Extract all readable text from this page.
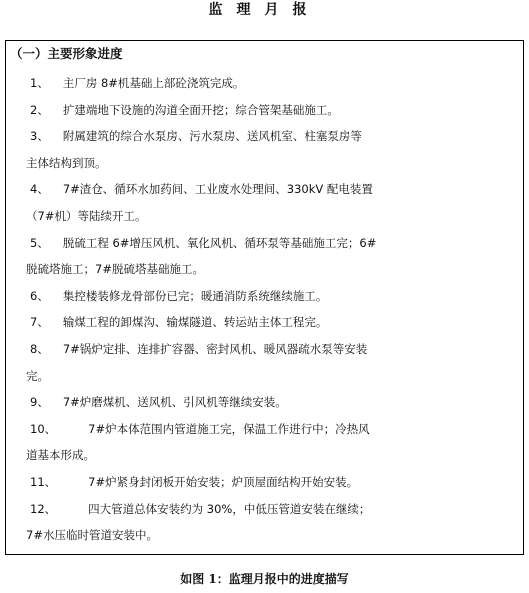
监理月报
（一）主要形象进度
1、 主厂房 8#机基础上部砼浇筑完成。
2、 扩建端地下设施的沟道全面开挖；综合管架基础施工。
3、 附属建筑的综合水泵房、污水泵房、送风机室、柱塞泵房等
主体结构到顶。
4、 7#渣仓、循环水加药间、工业废水处理间、330kV 配电装置
（7#机）等陆续开工。
5、 脱硫工程 6#增压风机、氧化风机、循环泵等基础施工完；6#
脱硫塔施工；7#脱硫塔基础施工。
6、 集控楼装修龙骨部份已完；暖通消防系统继续施工。
7、 输煤工程的卸煤沟、输煤隧道、转运站主体工程完。
8、 7#锅炉定排、连排扩容器、密封风机、暖风器疏水泵等安装
完。
9、 7#炉磨煤机、送风机、引风机等继续安装。
10、	7#炉本体范围内管道施工完，保温工作进行中；冷热风
道基本形成。
11、	7#炉紧身封闭板开始安装；炉顶屋面结构开始安装。
12、	四大管道总体安装约为 30%，中低压管道安装在继续；
7#水压临时管道安装中。
如图 1：监理月报中的进度描写
